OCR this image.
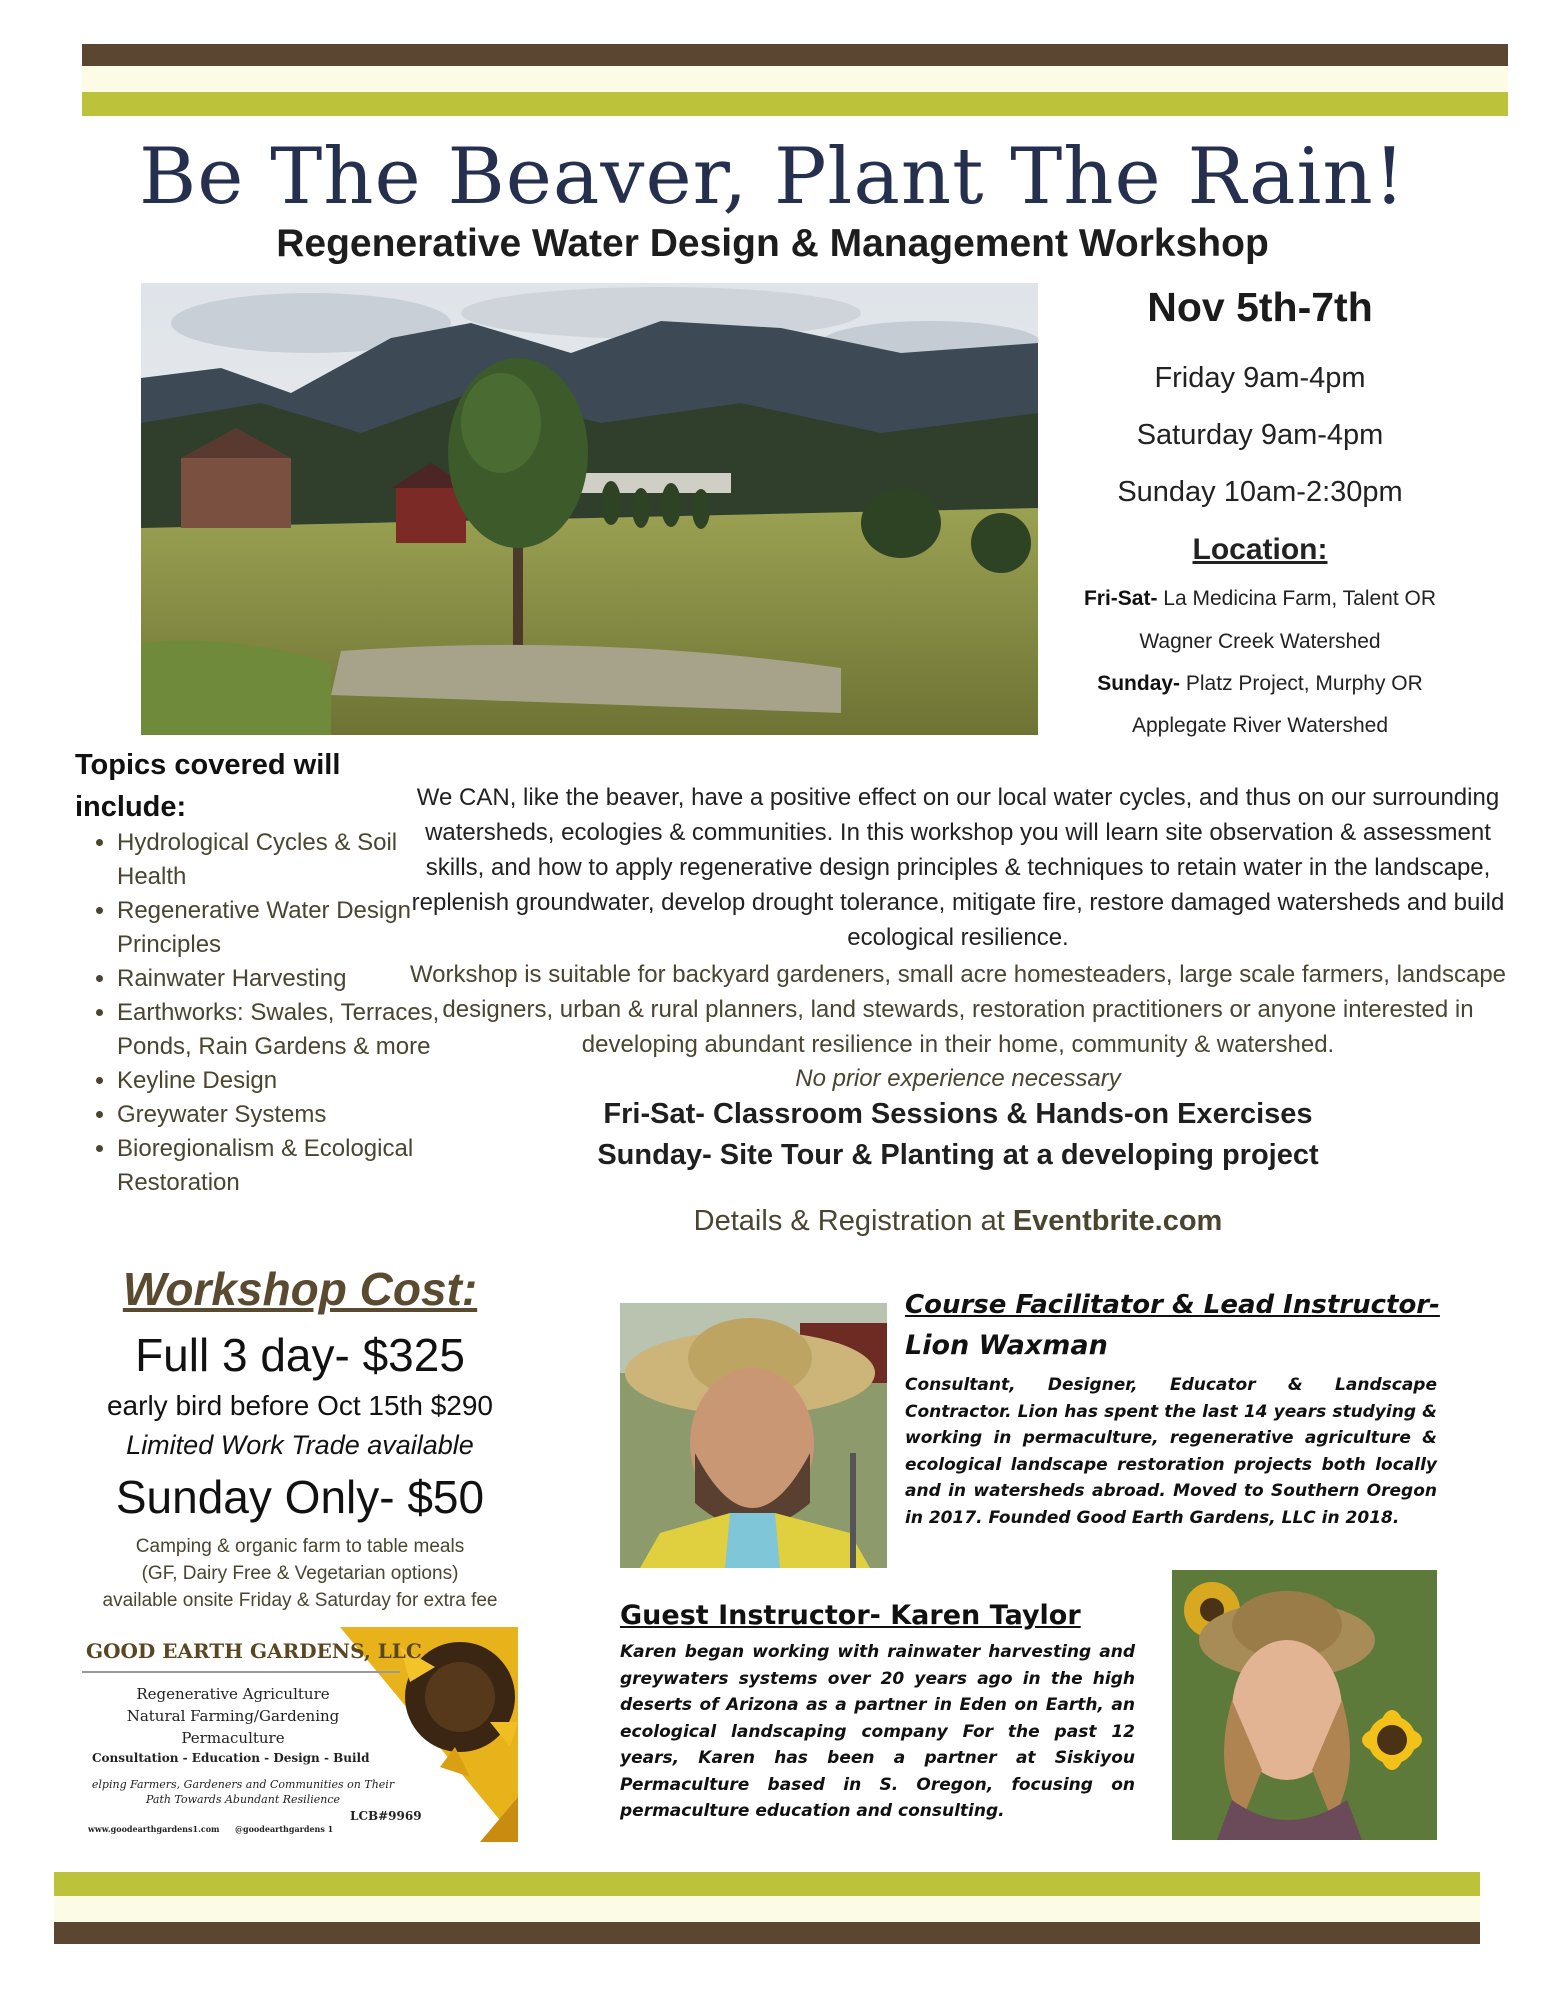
Be The Beaver, Plant The Rain!
Regenerative Water Design & Management Workshop
Nov 5th-7th
Friday 9am-4pm
Saturday 9am-4pm
Sunday 10am-2:30pm
Location:
Fri-Sat- La Medicina Farm, Talent OR
Wagner Creek Watershed
Sunday- Platz Project, Murphy OR
Applegate River Watershed
Topics covered will include:
• Hydrological Cycles & Soil Health
• Regenerative Water Design Principles
• Rainwater Harvesting
• Earthworks: Swales, Terraces, Ponds, Rain Gardens & more
• Keyline Design
• Greywater Systems
• Bioregionalism & Ecological Restoration
We CAN, like the beaver, have a positive effect on our local water cycles, and thus on our surrounding watersheds, ecologies & communities. In this workshop you will learn site observation & assessment skills, and how to apply regenerative design principles & techniques to retain water in the landscape, replenish groundwater, develop drought tolerance, mitigate fire, restore damaged watersheds and build ecological resilience.
Workshop is suitable for backyard gardeners, small acre homesteaders, large scale farmers, landscape designers, urban & rural planners, land stewards, restoration practitioners or anyone interested in developing abundant resilience in their home, community & watershed.
No prior experience necessary
Fri-Sat- Classroom Sessions & Hands-on Exercises
Sunday- Site Tour & Planting at a developing project
Details & Registration at Eventbrite.com
Workshop Cost:
Full 3 day- $325
early bird before Oct 15th $290
Limited Work Trade available
Sunday Only- $50
Camping & organic farm to table meals
(GF, Dairy Free & Vegetarian options)
available onsite Friday & Saturday for extra fee
GOOD EARTH GARDENS, LLC
Regenerative Agriculture
Natural Farming/Gardening
Permaculture
Consultation - Education - Design - Build
elping Farmers, Gardeners and Communities on Their
Path Towards Abundant Resilience
LCB#9969
www.goodearthgardens1.com @goodearthgardens 1
Course Facilitator & Lead Instructor-
Lion Waxman
Consultant, Designer, Educator & Landscape Contractor. Lion has spent the last 14 years studying & working in permaculture, regenerative agriculture & ecological landscape restoration projects both locally and in watersheds abroad. Moved to Southern Oregon in 2017. Founded Good Earth Gardens, LLC in 2018.
Guest Instructor- Karen Taylor
Karen began working with rainwater harvesting and greywaters systems over 20 years ago in the high deserts of Arizona as a partner in Eden on Earth, an ecological landscaping company For the past 12 years, Karen has been a partner at Siskiyou Permaculture based in S. Oregon, focusing on permaculture education and consulting.
